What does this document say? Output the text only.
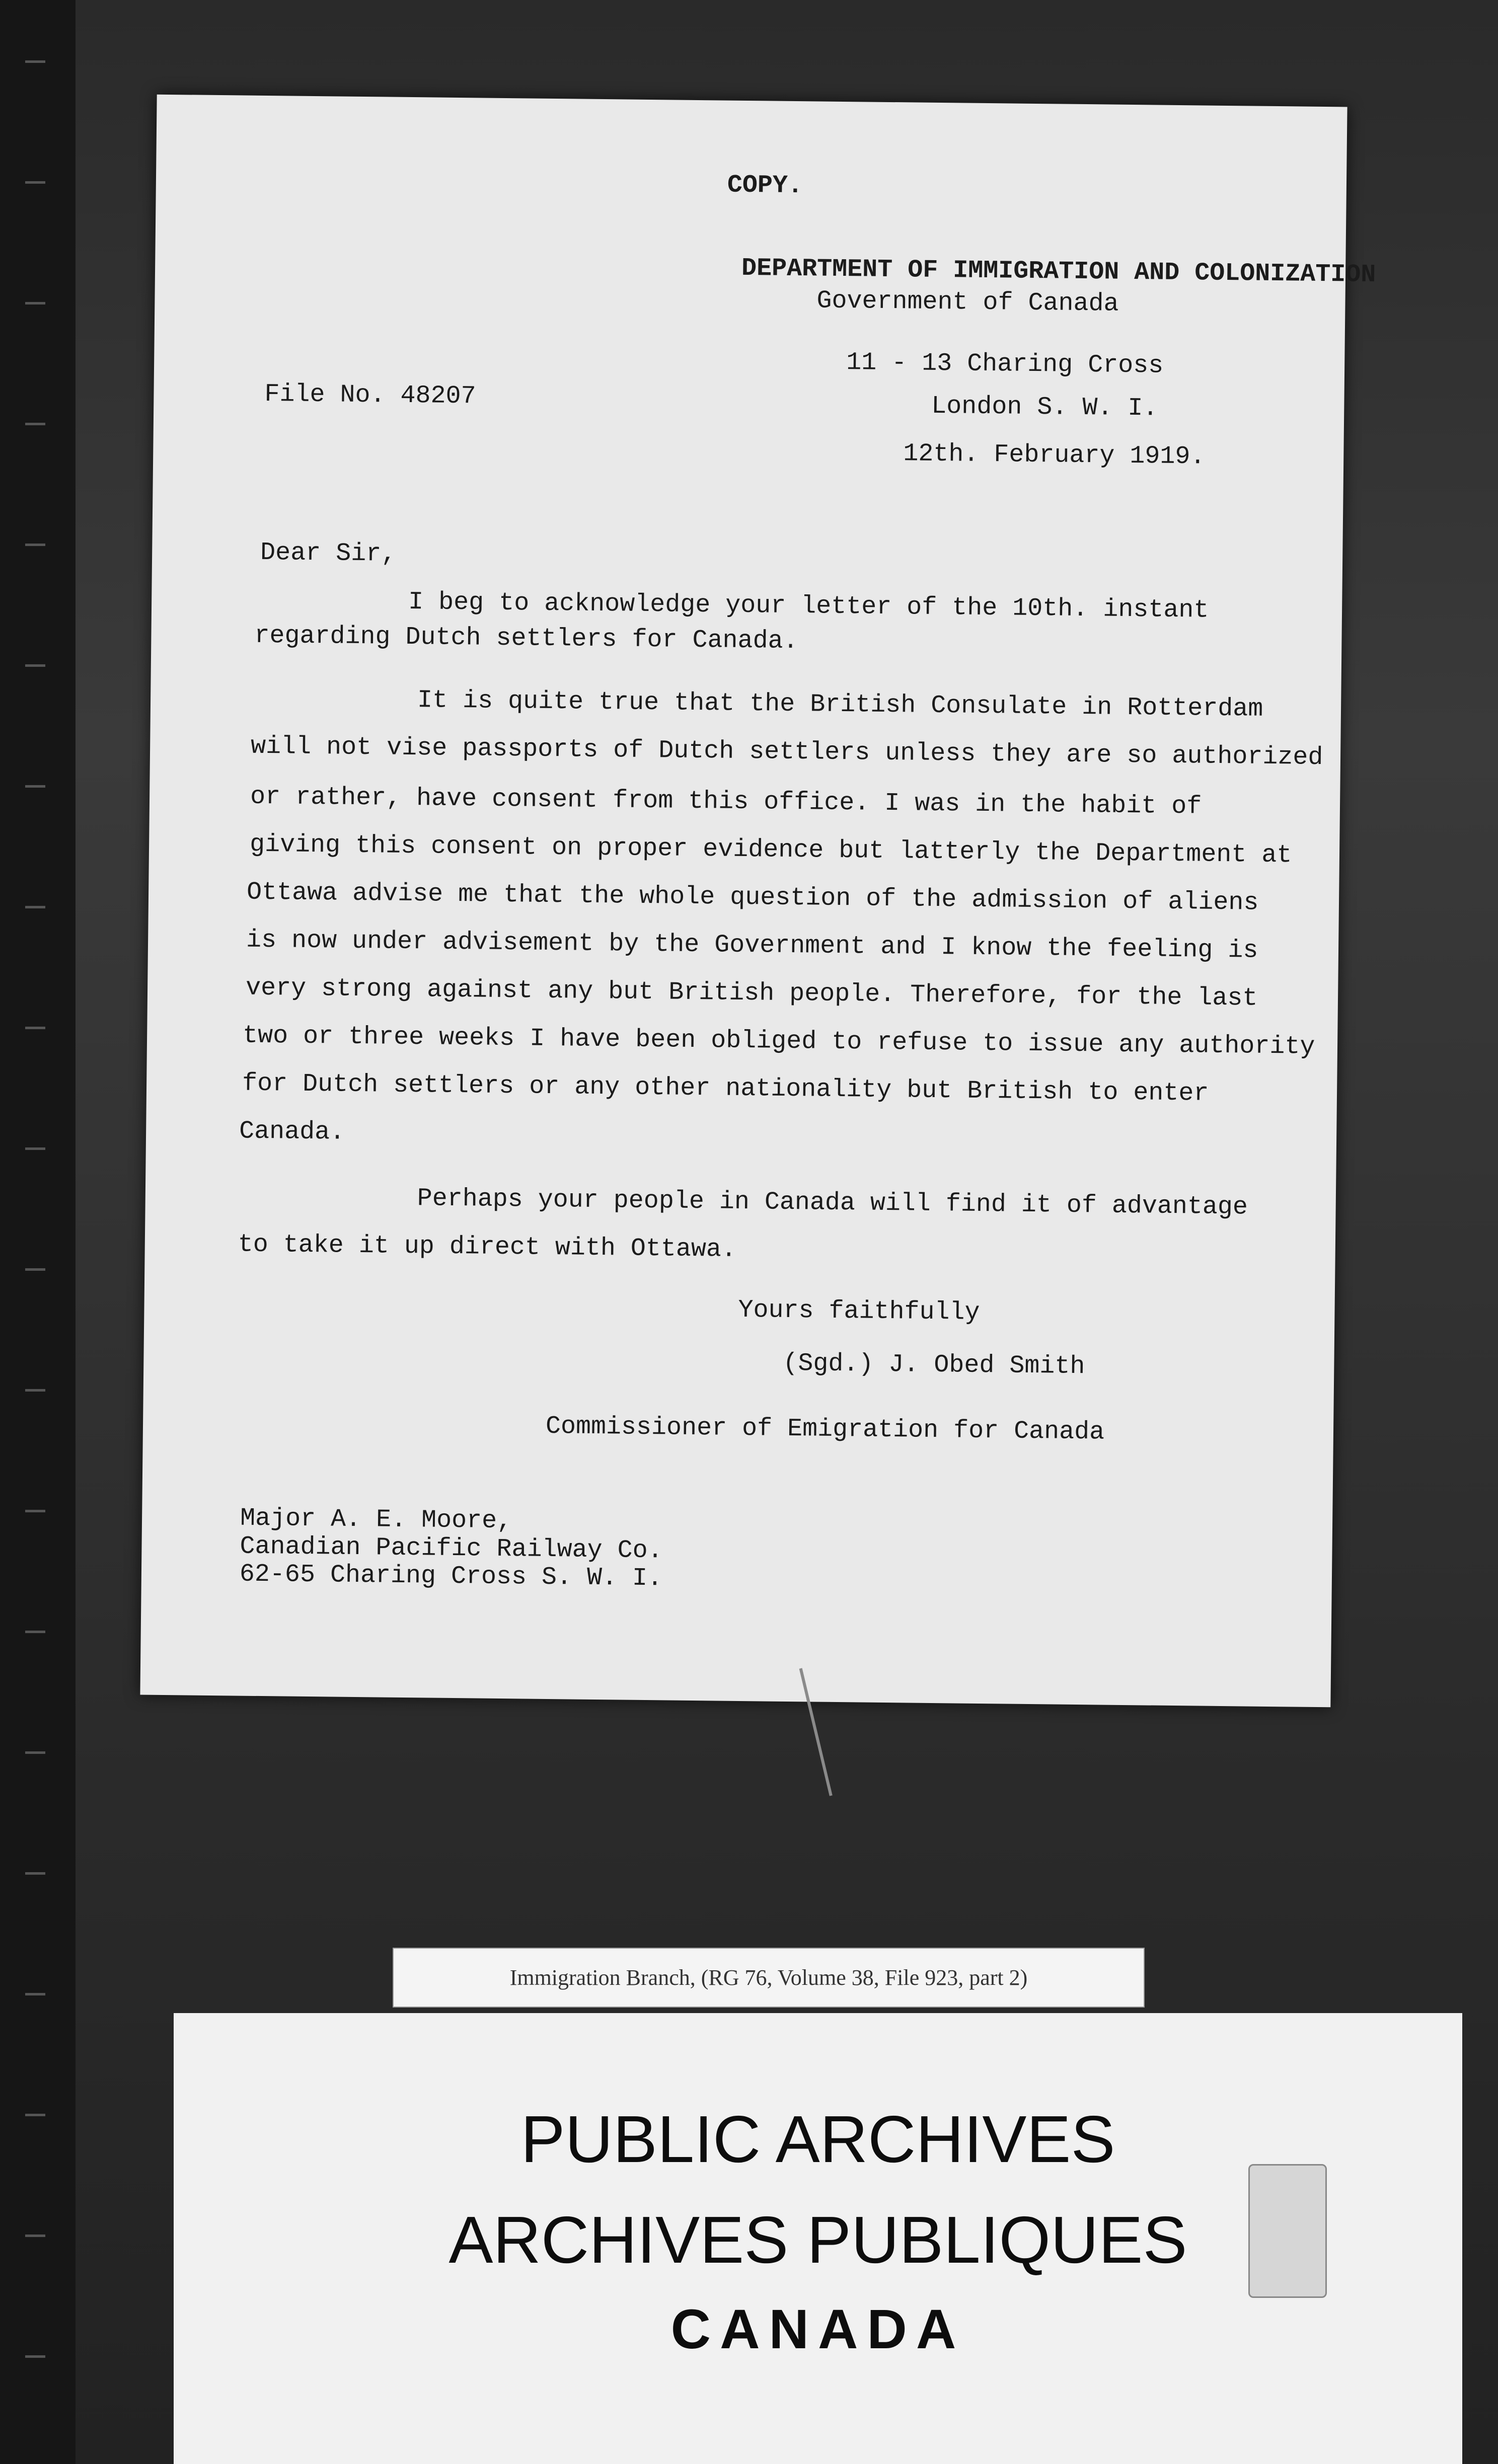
COPY.
DEPARTMENT OF IMMIGRATION AND COLONIZATION
Government of Canada
11 - 13 Charing Cross
London S. W. I.
12th. February 1919.
File No. 48207
Dear Sir,
I beg to acknowledge your letter of the 10th. instant
regarding Dutch settlers for Canada.
It is quite true that the British Consulate in Rotterdam
will not vise passports of Dutch settlers unless they are so authorized
or rather, have consent from this office. I was in the habit of
giving this consent on proper evidence but latterly the Department at
Ottawa advise me that the whole question of the admission of aliens
is now under advisement by the Government and I know the feeling is
very strong against any but British people. Therefore, for the last
two or three weeks I have been obliged to refuse to issue any authority
for Dutch settlers or any other nationality but British to enter
Canada.
Perhaps your people in Canada will find it of advantage
to take it up direct with Ottawa.
Yours faithfully
(Sgd.) J. Obed Smith
Commissioner of Emigration for Canada
Major A. E. Moore,
Canadian Pacific Railway Co.
62-65 Charing Cross S. W. I.
Immigration Branch, (RG 76, Volume 38, File 923, part 2)
PUBLIC ARCHIVES
ARCHIVES PUBLIQUES
CANADA
